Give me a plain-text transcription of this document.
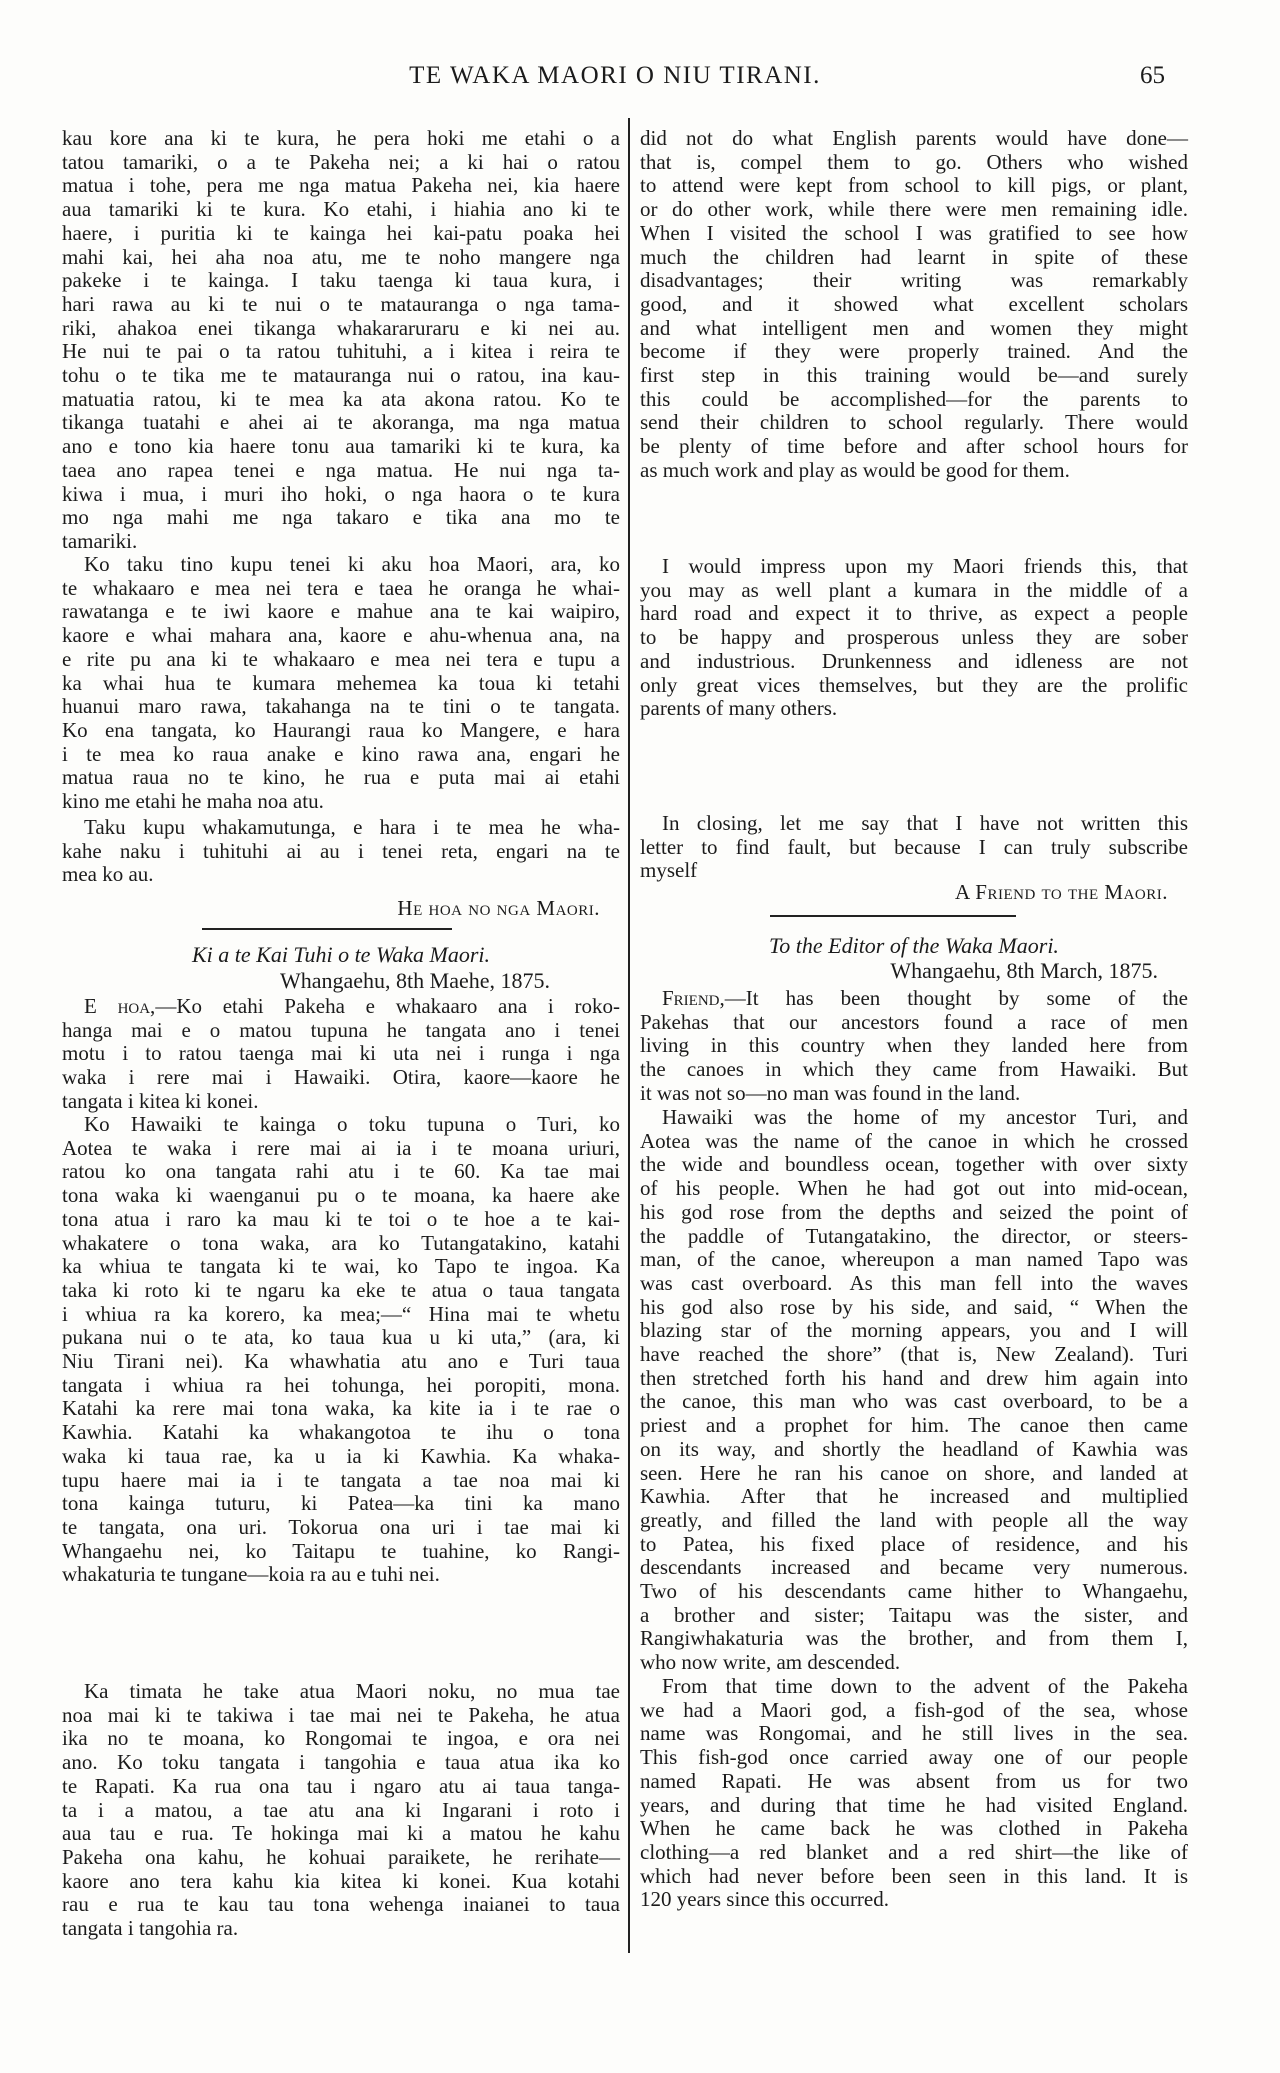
TE WAKA MAORI O NIU TIRANI.	65
kau kore ana ki te kura, he pera hoki me etahi o a
tatou tamariki, o a te Pakeha nei; a ki hai o ratou
matua i tohe, pera me nga matua Pakeha nei, kia haere
aua tamariki ki te kura. Ko etahi, i hiahia ano ki te
haere, i puritia ki te kainga hei kai-patu poaka hei
mahi kai, hei aha noa atu, me te noho mangere nga
pakeke i te kainga. I taku taenga ki taua kura, i
hari rawa au ki te nui o te matauranga o nga tama-
riki, ahakoa enei tikanga whakararuraru e ki nei au.
He nui te pai o ta ratou tuhituhi, a i kitea i reira te
tohu o te tika me te matauranga nui o ratou, ina kau-
matuatia ratou, ki te mea ka ata akona ratou. Ko te
tikanga tuatahi e ahei ai te akoranga, ma nga matua
ano e tono kia haere tonu aua tamariki ki te kura, ka
taea ano rapea tenei e nga matua. He nui nga ta-
kiwa i mua, i muri iho hoki, o nga haora o te kura
mo nga mahi me nga takaro e tika ana mo te
tamariki.
Ko taku tino kupu tenei ki aku hoa Maori, ara, ko
te whakaaro e mea nei tera e taea he oranga he whai-
rawatanga e te iwi kaore e mahue ana te kai waipiro,
kaore e whai mahara ana, kaore e ahu-whenua ana, na
e rite pu ana ki te whakaaro e mea nei tera e tupu a
ka whai hua te kumara mehemea ka toua ki tetahi
huanui maro rawa, takahanga na te tini o te tangata.
Ko ena tangata, ko Haurangi raua ko Mangere, e hara
i te mea ko raua anake e kino rawa ana, engari he
matua raua no te kino, he rua e puta mai ai etahi
kino me etahi he maha noa atu.
Taku kupu whakamutunga, e hara i te mea he wha-
kahe naku i tuhituhi ai au i tenei reta, engari na te
mea ko au.
He hoa no nga Maori.
Ki a te Kai Tuhi o te Waka Maori.
Whangaehu, 8th Maehe, 1875.
E hoa,—Ko etahi Pakeha e whakaaro ana i roko-
hanga mai e o matou tupuna he tangata ano i tenei
motu i to ratou taenga mai ki uta nei i runga i nga
waka i rere mai i Hawaiki. Otira, kaore—kaore he
tangata i kitea ki konei.
Ko Hawaiki te kainga o toku tupuna o Turi, ko
Aotea te waka i rere mai ai ia i te moana uriuri,
ratou ko ona tangata rahi atu i te 60. Ka tae mai
tona waka ki waenganui pu o te moana, ka haere ake
tona atua i raro ka mau ki te toi o te hoe a te kai-
whakatere o tona waka, ara ko Tutangatakino, katahi
ka whiua te tangata ki te wai, ko Tapo te ingoa. Ka
taka ki roto ki te ngaru ka eke te atua o taua tangata
i whiua ra ka korero, ka mea;—“ Hina mai te whetu
pukana nui o te ata, ko taua kua u ki uta,” (ara, ki
Niu Tirani nei). Ka whawhatia atu ano e Turi taua
tangata i whiua ra hei tohunga, hei poropiti, mona.
Katahi ka rere mai tona waka, ka kite ia i te rae o
Kawhia. Katahi ka whakangotoa te ihu o tona
waka ki taua rae, ka u ia ki Kawhia. Ka whaka-
tupu haere mai ia i te tangata a tae noa mai ki
tona kainga tuturu, ki Patea—ka tini ka mano
te tangata, ona uri. Tokorua ona uri i tae mai ki
Whangaehu nei, ko Taitapu te tuahine, ko Rangi-
whakaturia te tungane—koia ra au e tuhi nei.
Ka timata he take atua Maori noku, no mua tae
noa mai ki te takiwa i tae mai nei te Pakeha, he atua
ika no te moana, ko Rongomai te ingoa, e ora nei
ano. Ko toku tangata i tangohia e taua atua ika ko
te Rapati. Ka rua ona tau i ngaro atu ai taua tanga-
ta i a matou, a tae atu ana ki Ingarani i roto i
aua tau e rua. Te hokinga mai ki a matou he kahu
Pakeha ona kahu, he kohuai paraikete, he rerihate—
kaore ano tera kahu kia kitea ki konei. Kua kotahi
rau e rua te kau tau tona wehenga inaianei to taua
tangata i tangohia ra.
did not do what English parents would have done—
that is, compel them to go. Others who wished
to attend were kept from school to kill pigs, or plant,
or do other work, while there were men remaining idle.
When I visited the school I was gratified to see how
much the children had learnt in spite of these
disadvantages; their writing was remarkably
good, and it showed what excellent scholars
and what intelligent men and women they might
become if they were properly trained. And the
first step in this training would be—and surely
this could be accomplished—for the parents to
send their children to school regularly. There would
be plenty of time before and after school hours for
as much work and play as would be good for them.
I would impress upon my Maori friends this, that
you may as well plant a kumara in the middle of a
hard road and expect it to thrive, as expect a people
to be happy and prosperous unless they are sober
and industrious. Drunkenness and idleness are not
only great vices themselves, but they are the prolific
parents of many others.
In closing, let me say that I have not written this
letter to find fault, but because I can truly subscribe
myself
A Friend to the Maori.
To the Editor of the Waka Maori.
Whangaehu, 8th March, 1875.
Friend,—It has been thought by some of the
Pakehas that our ancestors found a race of men
living in this country when they landed here from
the canoes in which they came from Hawaiki. But
it was not so—no man was found in the land.
Hawaiki was the home of my ancestor Turi, and
Aotea was the name of the canoe in which he crossed
the wide and boundless ocean, together with over sixty
of his people. When he had got out into mid-ocean,
his god rose from the depths and seized the point of
the paddle of Tutangatakino, the director, or steers-
man, of the canoe, whereupon a man named Tapo was
was cast overboard. As this man fell into the waves
his god also rose by his side, and said, “ When the
blazing star of the morning appears, you and I will
have reached the shore” (that is, New Zealand). Turi
then stretched forth his hand and drew him again into
the canoe, this man who was cast overboard, to be a
priest and a prophet for him. The canoe then came
on its way, and shortly the headland of Kawhia was
seen. Here he ran his canoe on shore, and landed at
Kawhia. After that he increased and multiplied
greatly, and filled the land with people all the way
to Patea, his fixed place of residence, and his
descendants increased and became very numerous.
Two of his descendants came hither to Whangaehu,
a brother and sister; Taitapu was the sister, and
Rangiwhakaturia was the brother, and from them I,
who now write, am descended.
From that time down to the advent of the Pakeha
we had a Maori god, a fish-god of the sea, whose
name was Rongomai, and he still lives in the sea.
This fish-god once carried away one of our people
named Rapati. He was absent from us for two
years, and during that time he had visited England.
When he came back he was clothed in Pakeha
clothing—a red blanket and a red shirt—the like of
which had never before been seen in this land. It is
120 years since this occurred.
